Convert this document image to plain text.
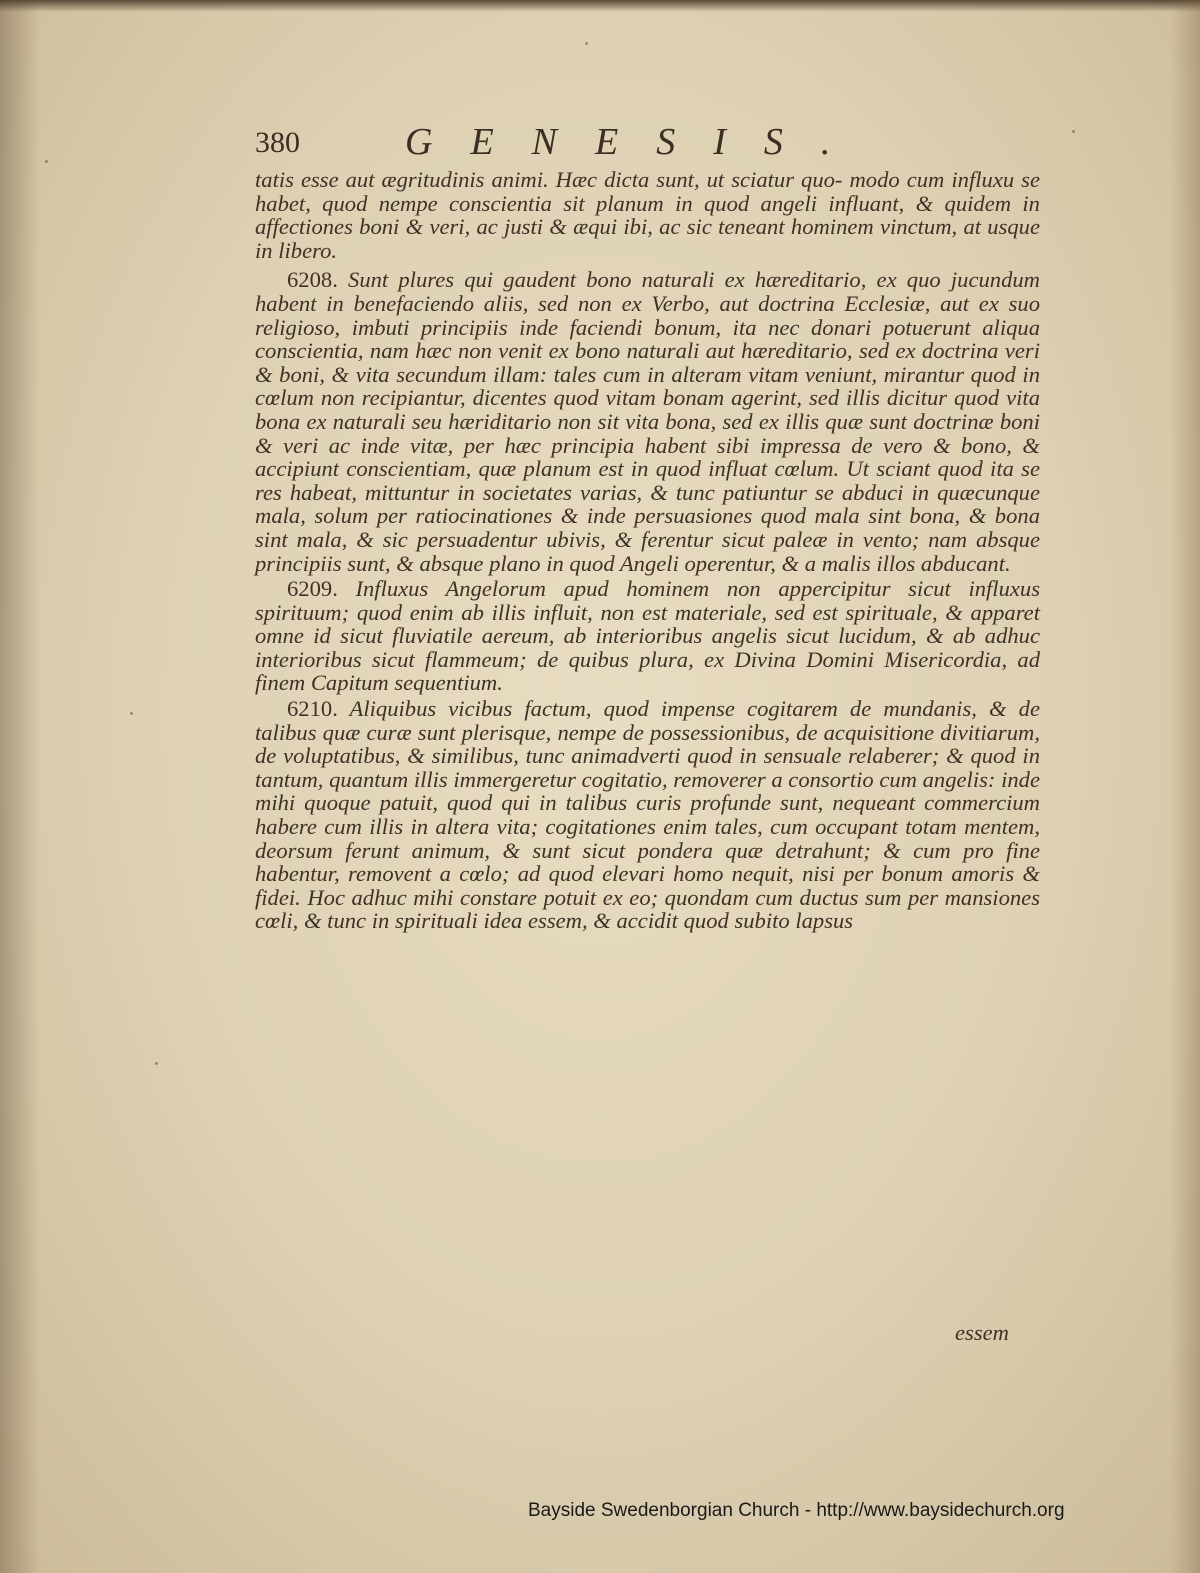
380	GENESIS.

tatis esse aut ægritudinis animi. Hæc dicta sunt, ut sciatur quo- modo cum influxu se habet, quod nempe conscientia sit planum in quod angeli influant, & quidem in affectiones boni & veri, ac justi & æqui ibi, ac sic teneant hominem vinctum, at usque in libero.

6208. Sunt plures qui gaudent bono naturali ex hæreditario, ex quo jucundum habent in benefaciendo aliis, sed non ex Verbo, aut doctrina Ecclesiæ, aut ex suo religioso, imbuti principiis inde faciendi bonum, ita nec donari potuerunt aliqua conscientia, nam hæc non venit ex bono naturali aut hæreditario, sed ex doctrina veri & boni, & vita secundum illam: tales cum in alteram vitam veniunt, mirantur quod in cœlum non recipiantur, dicentes quod vitam bonam agerint, sed illis dicitur quod vita bona ex naturali seu hæriditario non sit vita bona, sed ex illis quæ sunt doctrinæ boni & veri ac inde vitæ, per hæc principia habent sibi impressa de vero & bono, & accipiunt conscientiam, quæ planum est in quod influat cœlum. Ut sciant quod ita se res habeat, mittuntur in societates varias, & tunc patiuntur se abduci in quæcunque mala, solum per ratiocinationes & inde persuasiones quod mala sint bona, & bona sint mala, & sic persuadentur ubivis, & ferentur sicut paleæ in vento; nam absque principiis sunt, & absque plano in quod Angeli operentur, & a malis illos abducant.

6209. Influxus Angelorum apud hominem non appercipitur sicut influxus spirituum; quod enim ab illis influit, non est materiale, sed est spirituale, & apparet omne id sicut fluviatile aereum, ab interioribus angelis sicut lucidum, & ab adhuc interioribus sicut flammeum; de quibus plura, ex Divina Domini Misericordia, ad finem Capitum sequentium.

6210. Aliquibus vicibus factum, quod impense cogitarem de mundanis, & de talibus quæ curæ sunt plerisque, nempe de possessionibus, de acquisitione divitiarum, de voluptatibus, & similibus, tunc animadverti quod in sensuale relaberer; & quod in tantum, quantum illis immergeretur cogitatio, removerer a consortio cum angelis: inde mihi quoque patuit, quod qui in talibus curis profunde sunt, nequeant commercium habere cum illis in altera vita; cogitationes enim tales, cum occupant totam mentem, deorsum ferunt animum, & sunt sicut pondera quæ detrahunt; & cum pro fine habentur, removent a cœlo; ad quod elevari homo nequit, nisi per bonum amoris & fidei. Hoc adhuc mihi constare potuit ex eo; quondam cum ductus sum per mansiones cœli, & tunc in spirituali idea essem, & accidit quod subito lapsus

essem
Bayside Swedenborgian Church - http://www.baysidechurch.org
